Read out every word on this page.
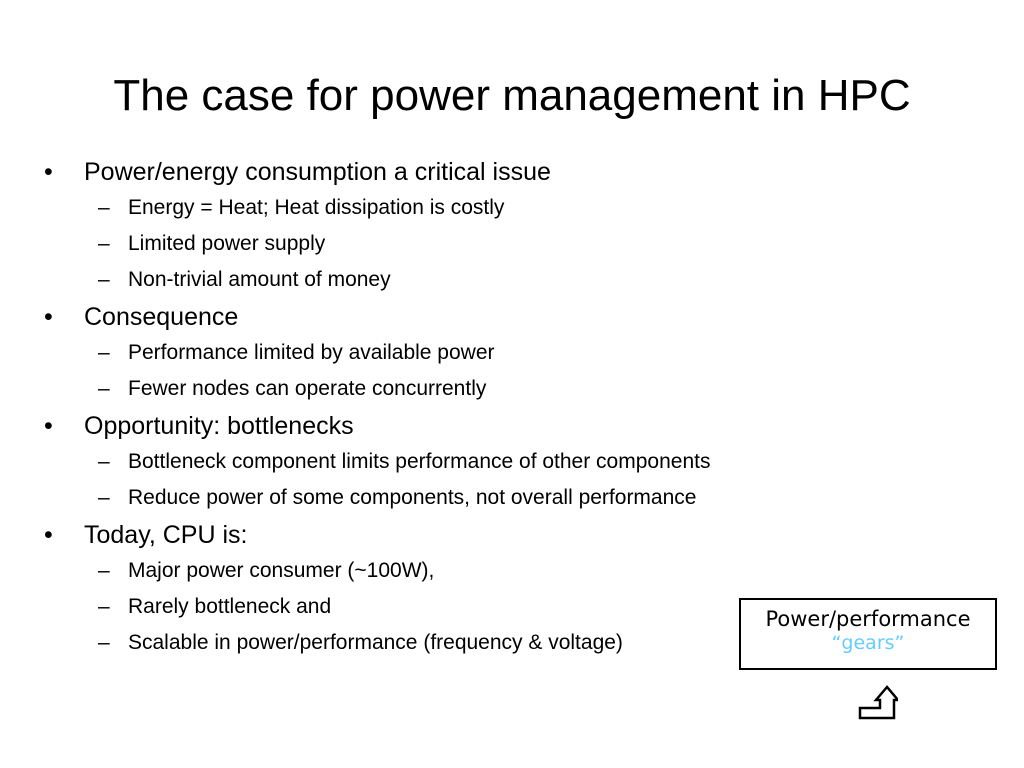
The case for power management in HPC
• Power/energy consumption a critical issue
– Energy = Heat; Heat dissipation is costly
– Limited power supply
– Non-trivial amount of money
• Consequence
– Performance limited by available power
– Fewer nodes can operate concurrently
• Opportunity: bottlenecks
– Bottleneck component limits performance of other components
– Reduce power of some components, not overall performance
• Today, CPU is:
– Major power consumer (~100W),
– Rarely bottleneck and
– Scalable in power/performance (frequency & voltage)
Power/performance
“gears”
